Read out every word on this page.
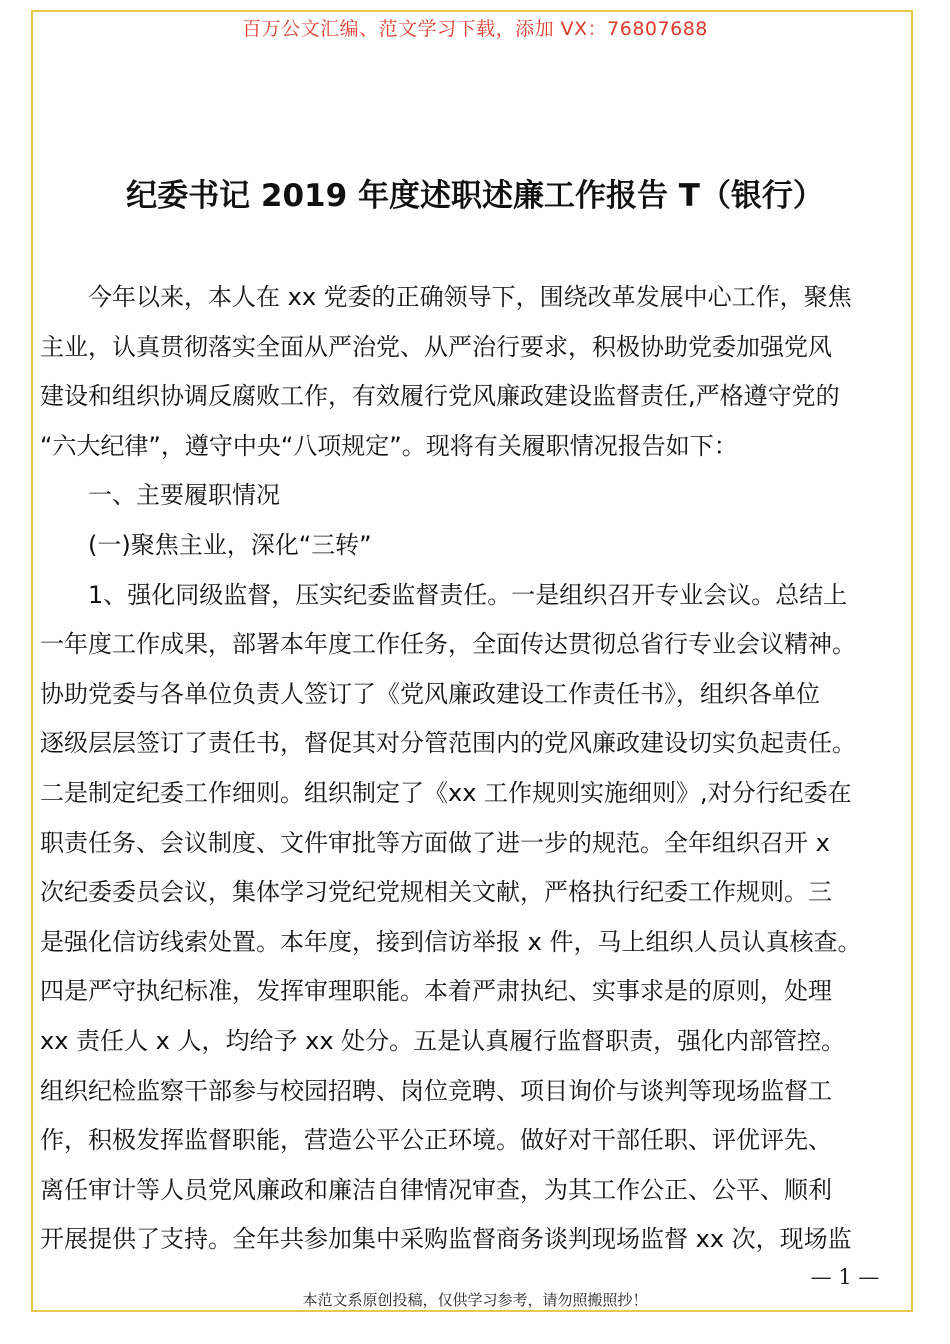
百万公文汇编、范文学习下载，添加 VX：76807688
纪委书记 2019 年度述职述廉工作报告 T（银行）
今年以来，本人在 xx 党委的正确领导下，围绕改革发展中心工作，聚焦
主业，认真贯彻落实全面从严治党、从严治行要求，积极协助党委加强党风
建设和组织协调反腐败工作，有效履行党风廉政建设监督责任,严格遵守党的
“六大纪律”，遵守中央“八项规定”。现将有关履职情况报告如下：
一、主要履职情况
(一)聚焦主业，深化“三转”
1、强化同级监督，压实纪委监督责任。一是组织召开专业会议。总结上
一年度工作成果，部署本年度工作任务，全面传达贯彻总省行专业会议精神。
协助党委与各单位负责人签订了《党风廉政建设工作责任书》，组织各单位
逐级层层签订了责任书，督促其对分管范围内的党风廉政建设切实负起责任。
二是制定纪委工作细则。组织制定了《xx 工作规则实施细则》,对分行纪委在
职责任务、会议制度、文件审批等方面做了进一步的规范。全年组织召开 x
次纪委委员会议，集体学习党纪党规相关文献，严格执行纪委工作规则。三
是强化信访线索处置。本年度，接到信访举报 x 件，马上组织人员认真核查。
四是严守执纪标准，发挥审理职能。本着严肃执纪、实事求是的原则，处理
xx 责任人 x 人，均给予 xx 处分。五是认真履行监督职责，强化内部管控。
组织纪检监察干部参与校园招聘、岗位竞聘、项目询价与谈判等现场监督工
作，积极发挥监督职能，营造公平公正环境。做好对干部任职、评优评先、
离任审计等人员党风廉政和廉洁自律情况审查，为其工作公正、公平、顺利
开展提供了支持。全年共参加集中采购监督商务谈判现场监督 xx 次，现场监
— 1 —
本范文系原创投稿，仅供学习参考，请勿照搬照抄！
